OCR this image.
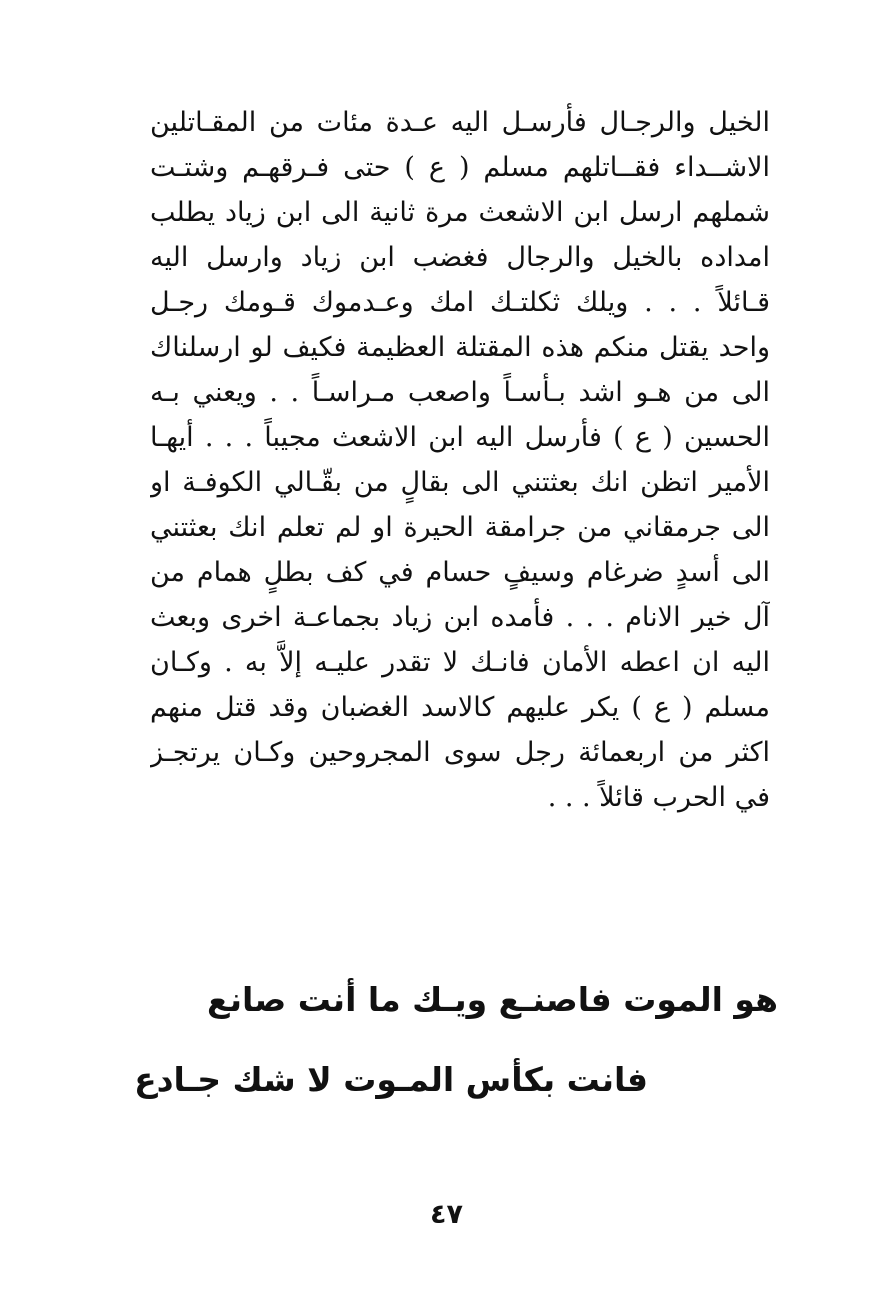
الخيل والرجـال فأرسـل اليه عـدة مئات من المقـاتلين
الاشــداء فقــاتلهم مسلم ( ع ) حتى فـرقهـم وشتـت
شملهم ارسل ابن الاشعث مرة ثانية الى ابن زياد يطلب
امداده بالخيل والرجال فغضب ابن زياد وارسل اليه
قـائلاً . . . ويلك ثكلتـك امك وعـدموك قـومك رجـل
واحد يقتل منكم هذه المقتلة العظيمة فكيف لو ارسلناك
الى من هـو اشد بـأسـاً واصعب مـراسـاً . . ويعني بـه
الحسين ( ع ) فأرسل اليه ابن الاشعث مجيباً . . . أيهـا
الأمير اتظن انك بعثتني الى بقالٍ من بقّـالي الكوفـة او
الى جرمقاني من جرامقة الحيرة او لم تعلم انك بعثتني
الى أسدٍ ضرغام وسيفٍ حسام في كف بطلٍ همام من
آل خير الانام . . . فأمده ابن زياد بجماعـة اخرى وبعث
اليه ان اعطه الأمان فانـك لا تقدر عليـه إلاَّ به . وكـان
مسلم ( ع ) يكر عليهم كالاسد الغضبان وقد قتل منهم
اكثر من اربعمائة رجل سوى المجروحين وكـان يرتجـز
في الحرب قائلاً . . .
هو الموت فاصنـع ويـك ما أنت صانع
فانت بكأس المـوت لا شك جـادع
٤٧
